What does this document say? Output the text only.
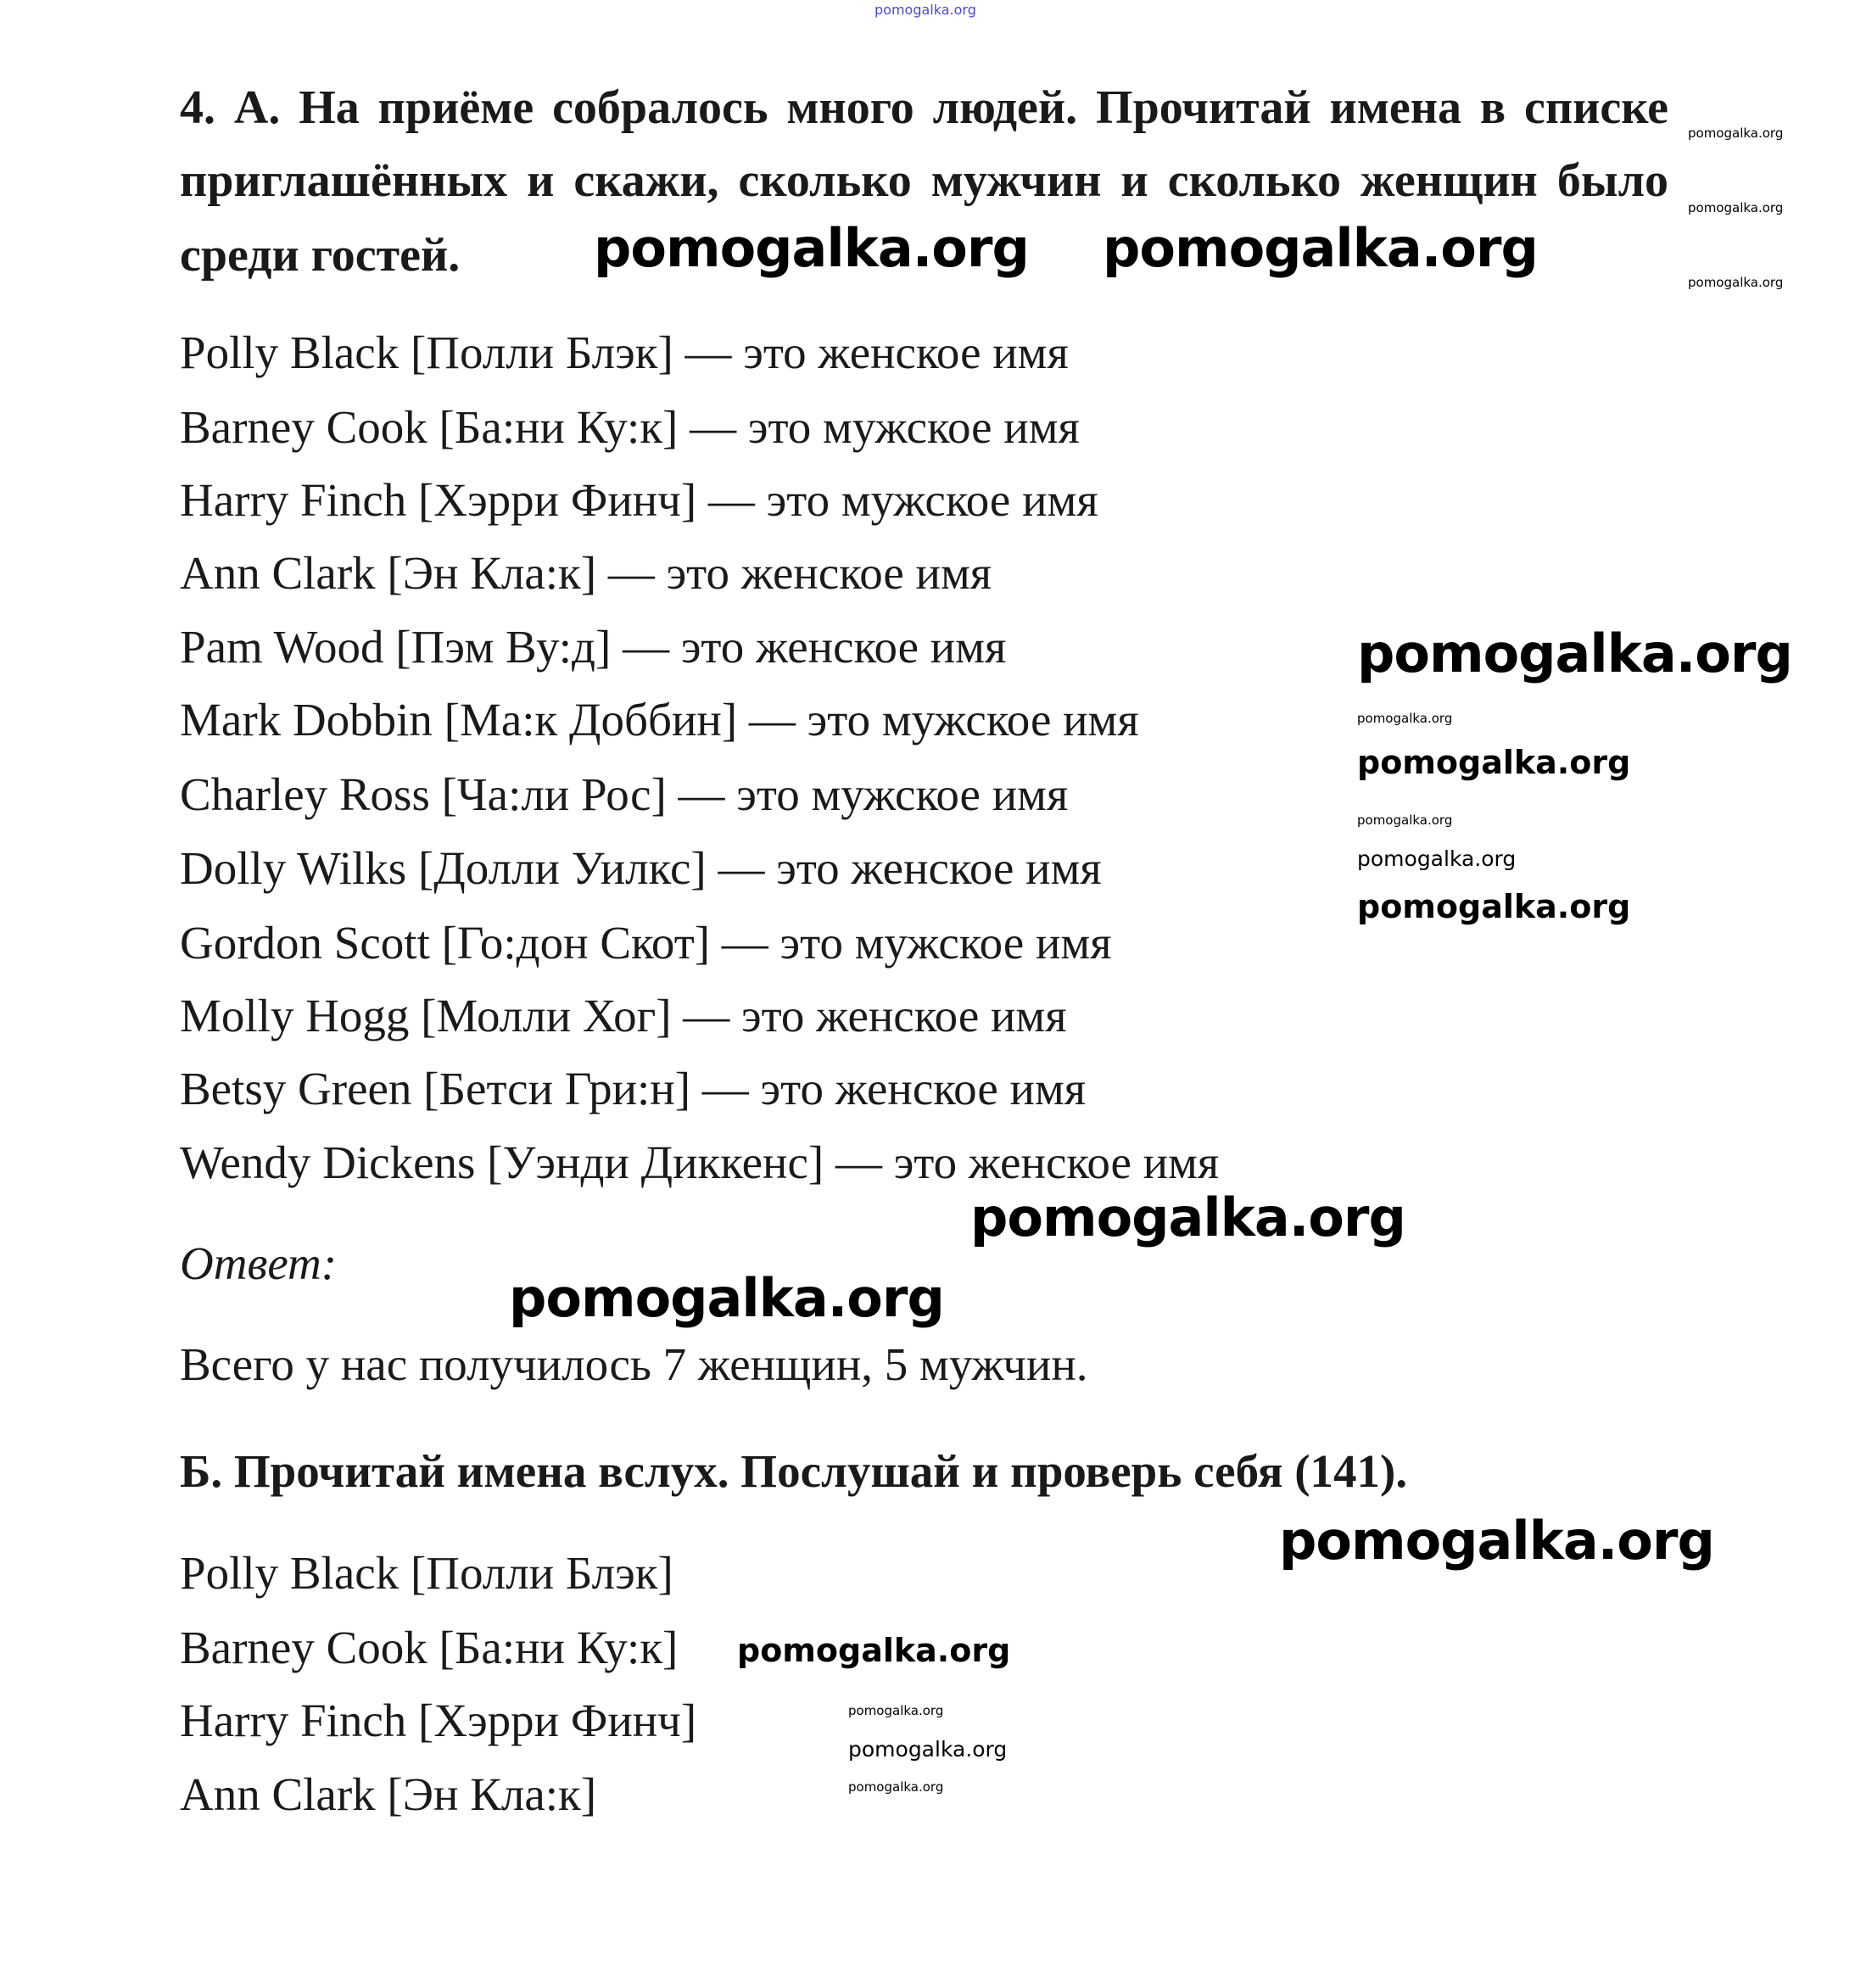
4. А. На приёме собралось много людей. Прочитай имена в списке
приглашённых и скажи, сколько мужчин и сколько женщин было
среди гостей.
Polly Black [Полли Блэк] — это женское имя
Barney Cook [Ба:ни Ку:к] — это мужское имя
Harry Finch [Хэрри Финч] — это мужское имя
Ann Clark [Эн Кла:к] — это женское имя
Pam Wood [Пэм Ву:д] — это женское имя
Mark Dobbin [Ма:к Доббин] — это мужское имя
Charley Ross [Ча:ли Рос] — это мужское имя
Dolly Wilks [Долли Уилкс] — это женское имя
Gordon Scott [Го:дон Скот] — это мужское имя
Molly Hogg [Молли Хог] — это женское имя
Betsy Green [Бетси Гри:н] — это женское имя
Wendy Dickens [Уэнди Диккенс] — это женское имя
Ответ:
Всего у нас получилось 7 женщин, 5 мужчин.
Б. Прочитай имена вслух. Послушай и проверь себя (141).
Polly Black [Полли Блэк]
Barney Cook [Ба:ни Ку:к]
Harry Finch [Хэрри Финч]
Ann Clark [Эн Кла:к]
pomogalka.org
pomogalka.org
pomogalka.org
pomogalka.org
pomogalka.org pomogalka.org
pomogalka.org
pomogalka.org
pomogalka.org
pomogalka.org
pomogalka.org
pomogalka.org
pomogalka.org
pomogalka.org
pomogalka.org
pomogalka.org
pomogalka.org
pomogalka.org
pomogalka.org
